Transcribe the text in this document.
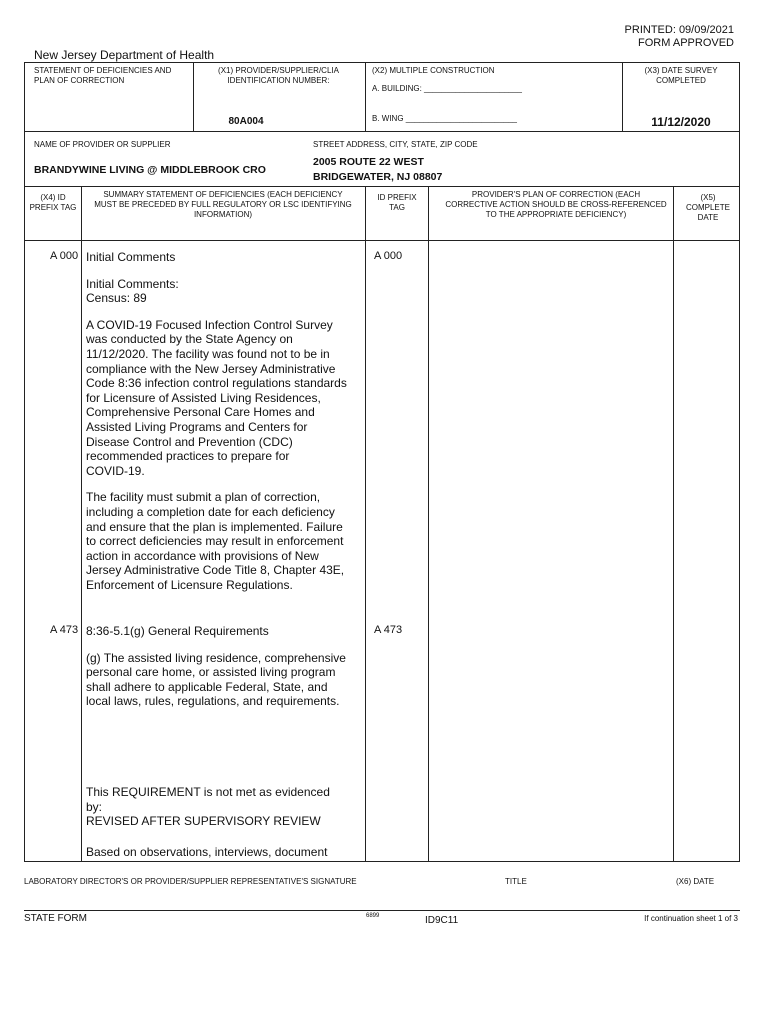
PRINTED: 09/09/2021
FORM APPROVED
New Jersey Department of Health
STATEMENT OF DEFICIENCIES AND PLAN OF CORRECTION
(X1) PROVIDER/SUPPLIER/CLIA IDENTIFICATION NUMBER:
80A004
(X2) MULTIPLE CONSTRUCTION
A. BUILDING: ______________________
B. WING _________________________
(X3) DATE SURVEY COMPLETED
11/12/2020
NAME OF PROVIDER OR SUPPLIER
BRANDYWINE LIVING @ MIDDLEBROOK CRO
STREET ADDRESS, CITY, STATE, ZIP CODE
2005 ROUTE 22 WEST
BRIDGEWATER, NJ 08807
(X4) ID PREFIX TAG
SUMMARY STATEMENT OF DEFICIENCIES (EACH DEFICIENCY MUST BE PRECEDED BY FULL REGULATORY OR LSC IDENTIFYING INFORMATION)
ID PREFIX TAG
PROVIDER'S PLAN OF CORRECTION (EACH CORRECTIVE ACTION SHOULD BE CROSS-REFERENCED TO THE APPROPRIATE DEFICIENCY)
(X5) COMPLETE DATE
A 000	A 000

Initial Comments

Initial Comments:
Census: 89

A COVID-19 Focused Infection Control Survey
was conducted by the State Agency on
11/12/2020. The facility was found not to be in
compliance with the New Jersey Administrative
Code 8:36 infection control regulations standards
for Licensure of Assisted Living Residences,
Comprehensive Personal Care Homes and
Assisted Living Programs and Centers for
Disease Control and Prevention (CDC)
recommended practices to prepare for
COVID-19.

The facility must submit a plan of correction,
including a completion date for each deficiency
and ensure that the plan is implemented. Failure
to correct deficiencies may result in enforcement
action in accordance with provisions of New
Jersey Administrative Code Title 8, Chapter 43E,
Enforcement of Licensure Regulations.

A 473	A 473

8:36-5.1(g) General Requirements

(g) The assisted living residence, comprehensive
personal care home, or assisted living program
shall adhere to applicable Federal, State, and
local laws, rules, regulations, and requirements.

This REQUIREMENT is not met as evidenced
by:
REVISED AFTER SUPERVISORY REVIEW
Based on observations, interviews, document
LABORATORY DIRECTOR'S OR PROVIDER/SUPPLIER REPRESENTATIVE'S SIGNATURE	TITLE	(X6) DATE
STATE FORM	6899	ID9C11	If continuation sheet 1 of 3
